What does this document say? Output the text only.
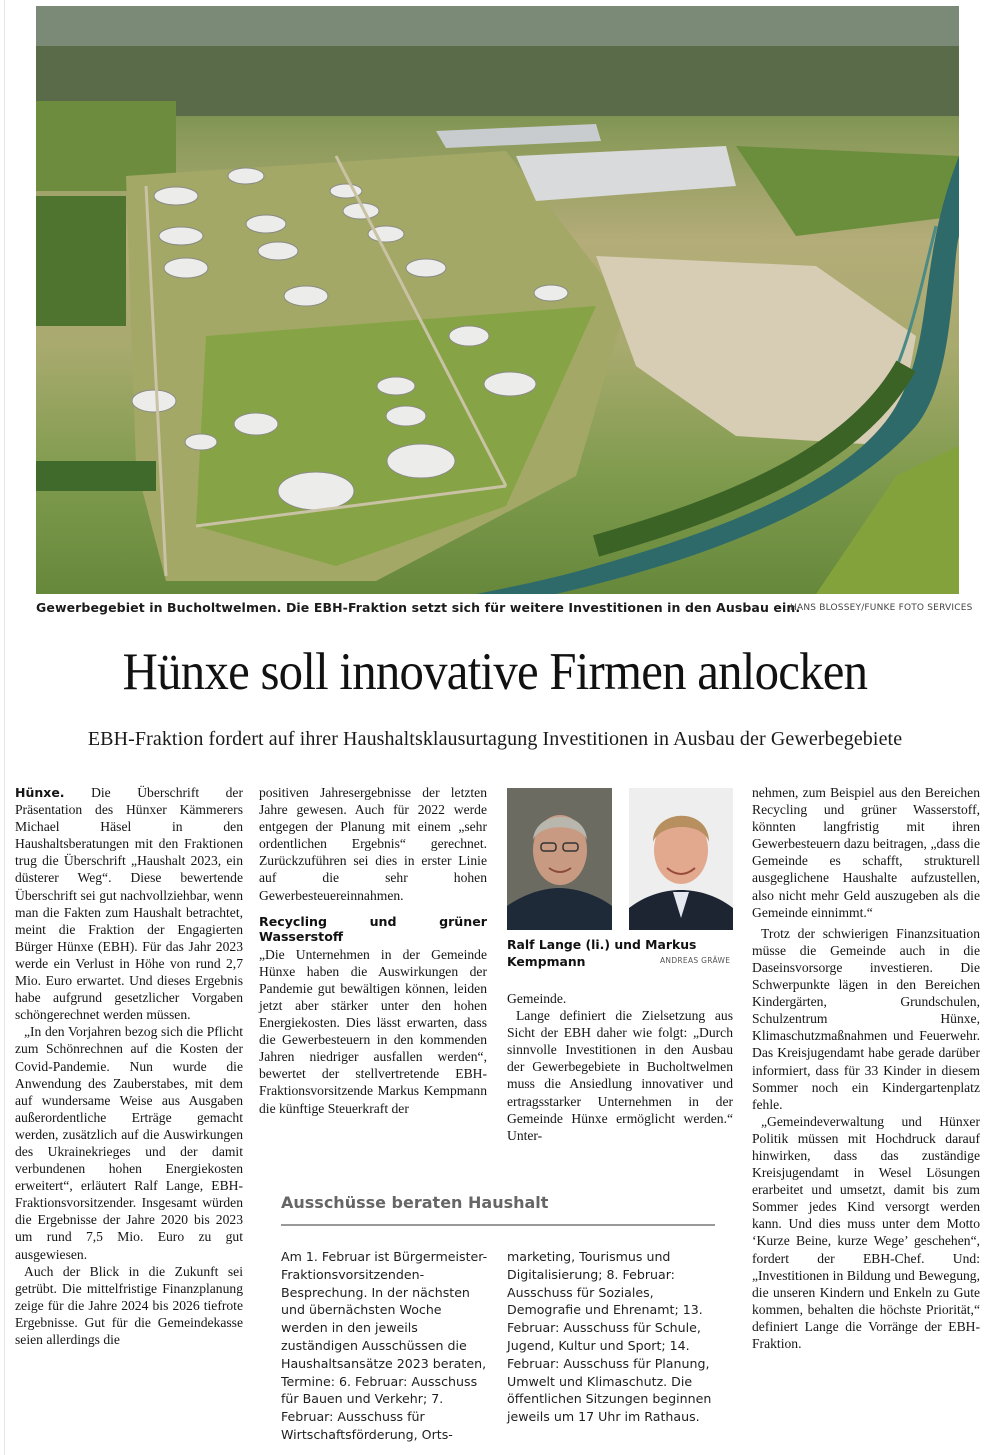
Gewerbegebiet in Bucholtwelmen. Die EBH-Fraktion setzt sich für weitere Investitionen in den Ausbau ein.
HANS BLOSSEY/FUNKE FOTO SERVICES
Hünxe soll innovative Firmen anlocken
EBH-Fraktion fordert auf ihrer Haushaltsklausurtagung Investitionen in Ausbau der Gewerbegebiete

Hünxe. Die Überschrift der Präsentation des Hünxer Kämmerers Michael Häsel in den Haushaltsberatungen mit den Fraktionen trug die Überschrift „Haushalt 2023, ein düsterer Weg“. Diese bewertende Überschrift sei gut nachvollziehbar, wenn man die Fakten zum Haushalt betrachtet, meint die Fraktion der Engagierten Bürger Hünxe (EBH). Für das Jahr 2023 werde ein Verlust in Höhe von rund 2,7 Mio. Euro erwartet. Und dieses Ergebnis habe aufgrund gesetzlicher Vorgaben schöngerechnet werden müssen.

„In den Vorjahren bezog sich die Pflicht zum Schönrechnen auf die Kosten der Covid-Pandemie. Nun wurde die Anwendung des Zauberstabes, mit dem auf wundersame Weise aus Ausgaben außerordentliche Erträge gemacht werden, zusätzlich auf die Auswirkungen des Ukrainekrieges und der damit verbundenen hohen Energiekosten erweitert“, erläutert Ralf Lange, EBH-Fraktionsvorsitzender. Insgesamt würden die Ergebnisse der Jahre 2020 bis 2023 um rund 7,5 Mio. Euro zu gut ausgewiesen.

Auch der Blick in die Zukunft sei getrübt. Die mittelfristige Finanzplanung zeige für die Jahre 2024 bis 2026 tiefrote Ergebnisse. Gut für die Gemeindekasse seien allerdings die

positiven Jahresergebnisse der letzten Jahre gewesen. Auch für 2022 werde entgegen der Planung mit einem „sehr ordentlichen Ergebnis“ gerechnet. Zurückzuführen sei dies in erster Linie auf die sehr hohen Gewerbesteuereinnahmen.

Recycling und grüner Wasserstoff

„Die Unternehmen in der Gemeinde Hünxe haben die Auswirkungen der Pandemie gut bewältigen können, leiden jetzt aber stärker unter den hohen Energiekosten. Dies lässt erwarten, dass die Gewerbesteuern in den kommenden Jahren niedriger ausfallen werden“, bewertet der stellvertretende EBH-Fraktionsvorsitzende Markus Kempmann die künftige Steuerkraft der

Ralf Lange (li.) und Markus Kempmann	ANDREAS GRÄWE

Gemeinde.

Lange definiert die Zielsetzung aus Sicht der EBH daher wie folgt: „Durch sinnvolle Investitionen in den Ausbau der Gewerbegebiete in Bucholtwelmen muss die Ansiedlung innovativer und ertragsstarker Unternehmen in der Gemeinde Hünxe ermöglicht werden.“ Unter-

nehmen, zum Beispiel aus den Bereichen Recycling und grüner Wasserstoff, könnten langfristig mit ihren Gewerbesteuern dazu beitragen, „dass die Gemeinde es schafft, strukturell ausgeglichene Haushalte aufzustellen, also nicht mehr Geld auszugeben als die Gemeinde einnimmt.“

Trotz der schwierigen Finanzsituation müsse die Gemeinde auch in die Daseinsvorsorge investieren. Die Schwerpunkte lägen in den Bereichen Kindergärten, Grundschulen, Schulzentrum Hünxe, Klimaschutzmaßnahmen und Feuerwehr. Das Kreisjugendamt habe gerade darüber informiert, dass für 33 Kinder in diesem Sommer noch ein Kindergartenplatz fehle.

„Gemeindeverwaltung und Hünxer Politik müssen mit Hochdruck darauf hinwirken, dass das zuständige Kreisjugendamt in Wesel Lösungen erarbeitet und umsetzt, damit bis zum Sommer jedes Kind versorgt werden kann. Und dies muss unter dem Motto ‘Kurze Beine, kurze Wege’ geschehen“, fordert der EBH-Chef. Und: „Investitionen in Bildung und Bewegung, die unseren Kindern und Enkeln zu Gute kommen, behalten die höchste Priorität,“ definiert Lange die Vorränge der EBH-Fraktion.

Ausschüsse beraten Haushalt
Am 1. Februar ist Bürgermeister-Fraktionsvorsitzenden-Besprechung. In der nächsten und übernächsten Woche werden in den jeweils zuständigen Ausschüssen die Haushaltsansätze 2023 beraten, Termine: 6. Februar: Ausschuss für Bauen und Verkehr; 7. Februar: Ausschuss für Wirtschaftsförderung, Orts-
marketing, Tourismus und Digitalisierung; 8. Februar: Ausschuss für Soziales, Demografie und Ehrenamt; 13. Februar: Ausschuss für Schule, Jugend, Kultur und Sport; 14. Februar: Ausschuss für Planung, Umwelt und Klimaschutz. Die öffentlichen Sitzungen beginnen jeweils um 17 Uhr im Rathaus.
